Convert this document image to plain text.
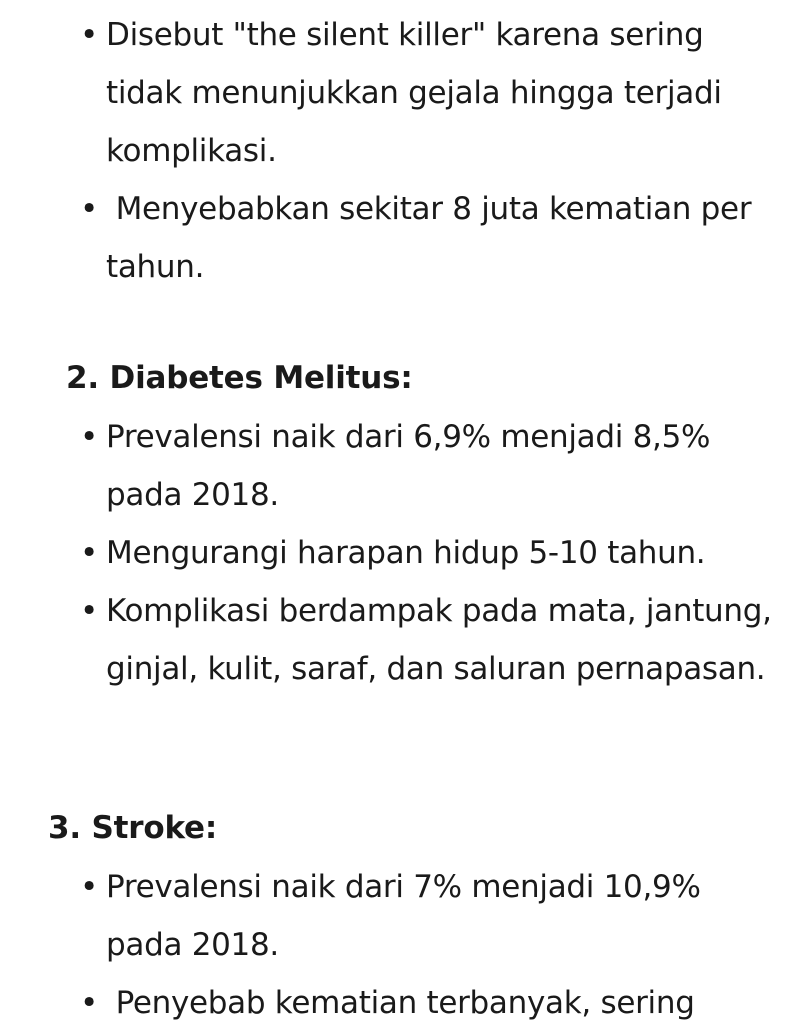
• Disebut "the silent killer" karena sering tidak menunjukkan gejala hingga terjadi komplikasi.
• Menyebabkan sekitar 8 juta kematian per tahun.
2. Diabetes Melitus:
• Prevalensi naik dari 6,9% menjadi 8,5% pada 2018.
• Mengurangi harapan hidup 5-10 tahun.
• Komplikasi berdampak pada mata, jantung, ginjal, kulit, saraf, dan saluran pernapasan.
3. Stroke:
• Prevalensi naik dari 7% menjadi 10,9% pada 2018.
• Penyebab kematian terbanyak, sering
